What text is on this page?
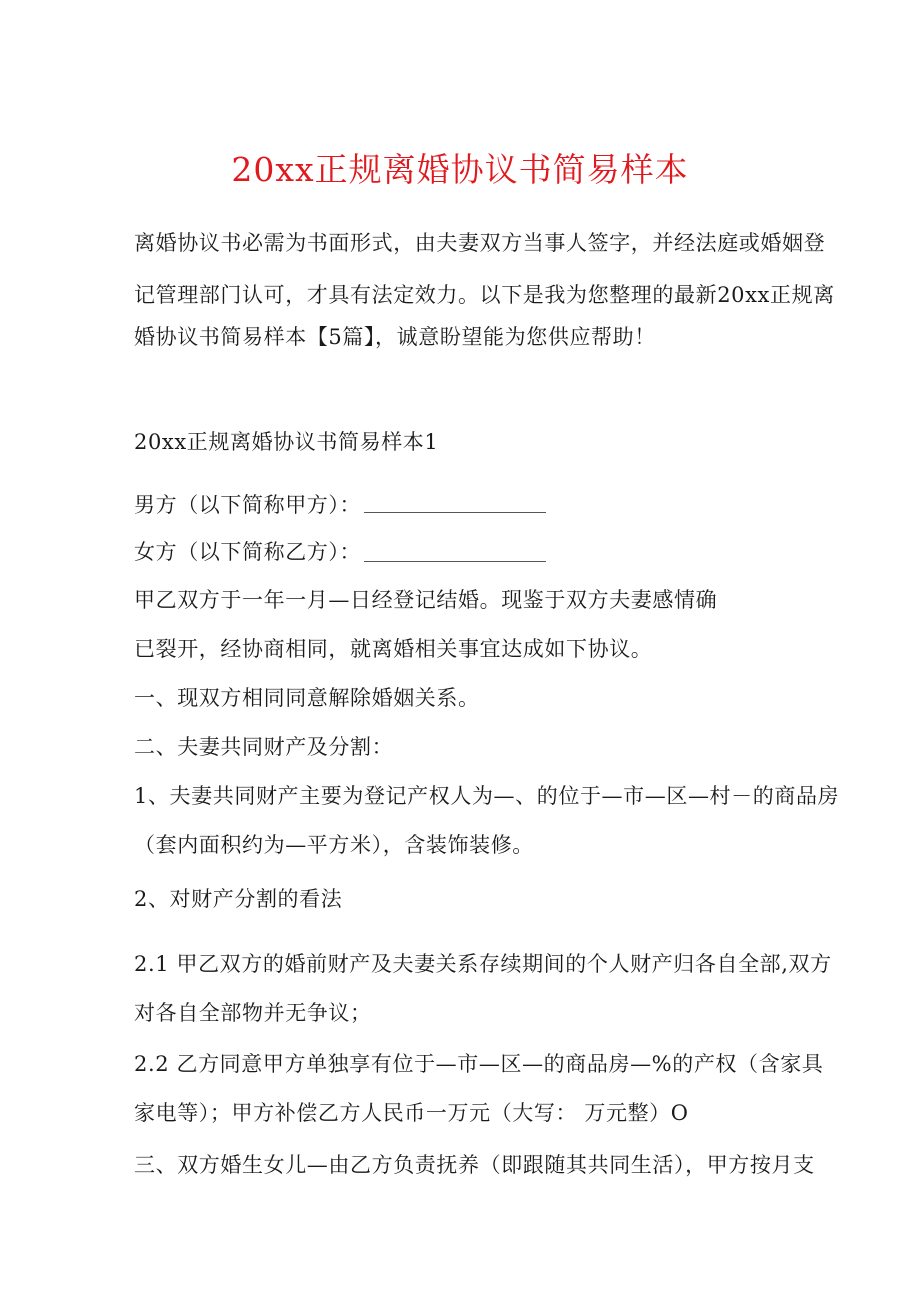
20xx正规离婚协议书简易样本
离婚协议书必需为书面形式，由夫妻双方当事人签字，并经法庭或婚姻登
记管理部门认可，才具有法定效力。以下是我为您整理的最新20xx正规离
婚协议书简易样本【5篇】，诚意盼望能为您供应帮助！
20xx正规离婚协议书简易样本1
男方（以下简称甲方）：
女方（以下简称乙方）：
甲乙双方于一年一月—日经登记结婚。现鉴于双方夫妻感情确
已裂开，经协商相同，就离婚相关事宜达成如下协议。
一、现双方相同同意解除婚姻关系。
二、夫妻共同财产及分割：
1、夫妻共同财产主要为登记产权人为—、的位于—市—区—村－的商品房
（套内面积约为—平方米），含装饰装修。
2、对财产分割的看法
2.1 甲乙双方的婚前财产及夫妻关系存续期间的个人财产归各自全部,双方
对各自全部物并无争议；
2.2 乙方同意甲方单独享有位于—市—区—的商品房—%的产权（含家具
家电等）；甲方补偿乙方人民币一万元（大写： 万元整）O
三、双方婚生女儿—由乙方负责抚养（即跟随其共同生活），甲方按月支
